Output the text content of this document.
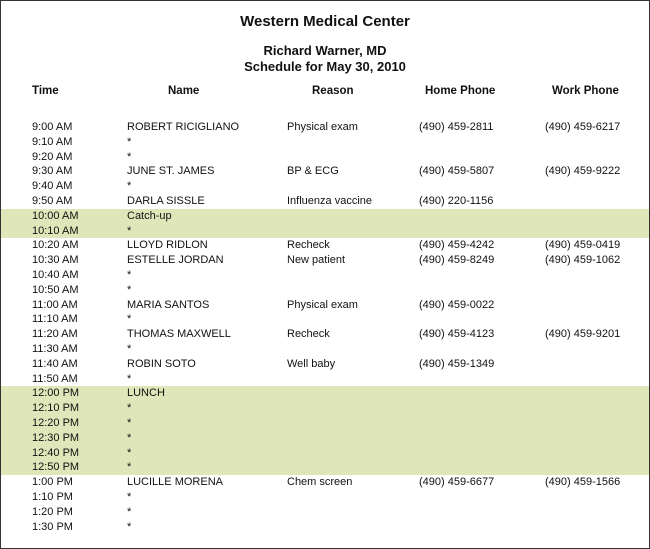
Western Medical Center
Richard Warner, MD
Schedule for May 30, 2010
Time	Name	Reason	Home Phone	Work Phone
9:00 AM	ROBERT RICIGLIANO	Physical exam	(490) 459-2811	(490) 459-6217
9:10 AM	*
9:20 AM	*
9:30 AM	JUNE ST. JAMES	BP & ECG	(490) 459-5807	(490) 459-9222
9:40 AM	*
9:50 AM	DARLA SISSLE	Influenza vaccine	(490) 220-1156
10:00 AM	Catch-up
10:10 AM	*
10:20 AM	LLOYD RIDLON	Recheck	(490) 459-4242	(490) 459-0419
10:30 AM	ESTELLE JORDAN	New patient	(490) 459-8249	(490) 459-1062
10:40 AM	*
10:50 AM	*
11:00 AM	MARIA SANTOS	Physical exam	(490) 459-0022
11:10 AM	*
11:20 AM	THOMAS MAXWELL	Recheck	(490) 459-4123	(490) 459-9201
11:30 AM	*
11:40 AM	ROBIN SOTO	Well baby	(490) 459-1349
11:50 AM	*
12:00 PM	LUNCH
12:10 PM	*
12:20 PM	*
12:30 PM	*
12:40 PM	*
12:50 PM	*
1:00 PM	LUCILLE MORENA	Chem screen	(490) 459-6677	(490) 459-1566
1:10 PM	*
1:20 PM	*
1:30 PM	*
